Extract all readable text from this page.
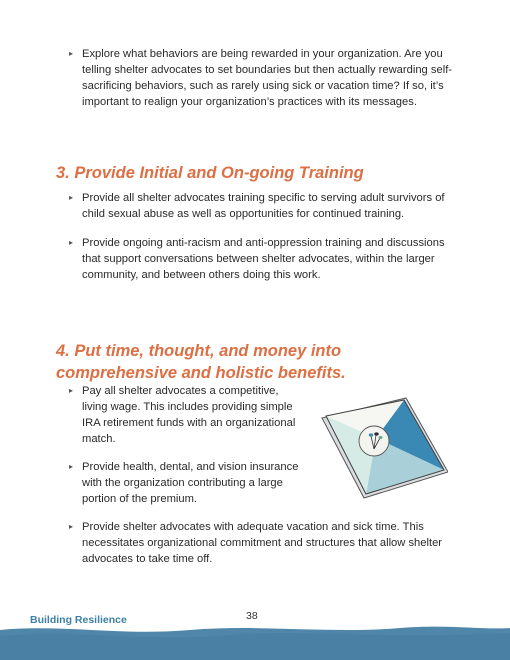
▸ Explore what behaviors are being rewarded in your organization. Are you telling shelter advocates to set boundaries but then actually rewarding self-sacrificing behaviors, such as rarely using sick or vacation time? If so, it’s important to realign your organization’s practices with its messages.
3. Provide Initial and On-going Training
▸ Provide all shelter advocates training specific to serving adult survivors of child sexual abuse as well as opportunities for continued training.
▸ Provide ongoing anti-racism and anti-oppression training and discussions that support conversations between shelter advocates, within the larger community, and between others doing this work.
4. Put time, thought, and money into comprehensive and holistic benefits.
▸ Pay all shelter advocates a competitive, living wage. This includes providing simple IRA retirement funds with an organizational match.
▸ Provide health, dental, and vision insurance with the organization contributing a large portion of the premium.
▸ Provide shelter advocates with adequate vacation and sick time. This necessitates organizational commitment and structures that allow shelter advocates to take time off.
Building Resilience	38
